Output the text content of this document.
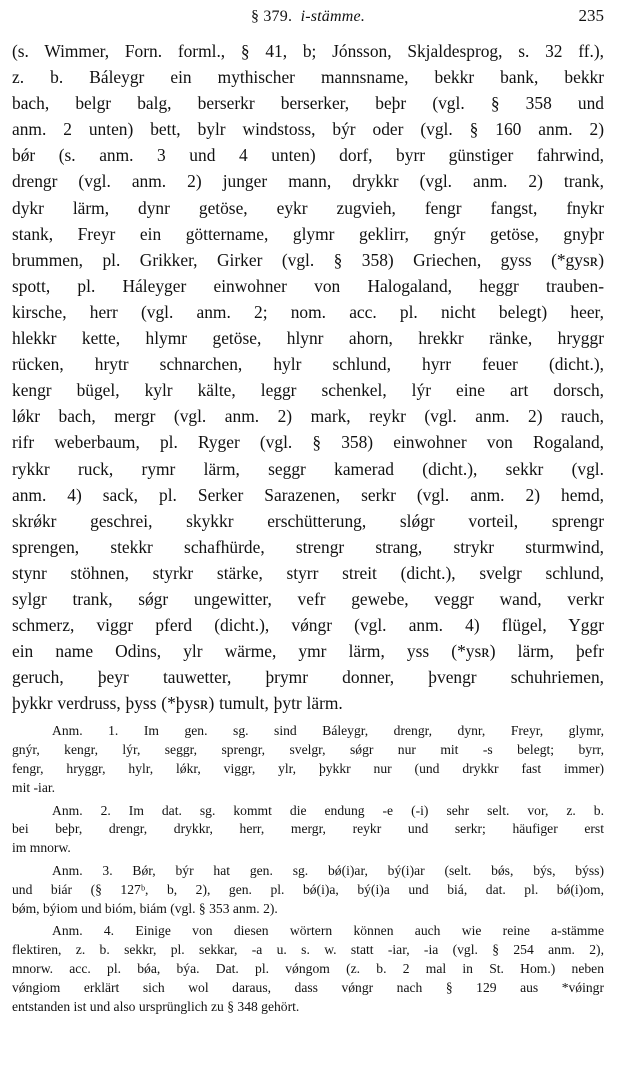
§ 379. i-stämme.	235
(s. Wimmer, Forn. forml., § 41, b; Jónsson, Skjaldesprog, s. 32 ff.),
z. b. Báleygr ein mythischer mannsname, bekkr bank, bekkr
bach, belgr balg, berserkr berserker, beþr (vgl. § 358 und
anm. 2 unten) bett, bylr windstoss, býr oder (vgl. § 160 anm. 2)
bǿr (s. anm. 3 und 4 unten) dorf, byrr günstiger fahrwind,
drengr (vgl. anm. 2) junger mann, drykkr (vgl. anm. 2) trank,
dykr lärm, dynr getöse, eykr zugvieh, fengr fangst, fnykr
stank, Freyr ein göttername, glymr geklirr, gnýr getöse, gnyþr
brummen, pl. Grikker, Girker (vgl. § 358) Griechen, gyss (*gysʀ)
spott, pl. Háleyger einwohner von Halogaland, heggr trauben-
kirsche, herr (vgl. anm. 2; nom. acc. pl. nicht belegt) heer,
hlekkr kette, hlymr getöse, hlynr ahorn, hrekkr ränke, hryggr
rücken, hrytr schnarchen, hylr schlund, hyrr feuer (dicht.),
kengr bügel, kylr kälte, leggr schenkel, lýr eine art dorsch,
lǿkr bach, mergr (vgl. anm. 2) mark, reykr (vgl. anm. 2) rauch,
rifr weberbaum, pl. Ryger (vgl. § 358) einwohner von Rogaland,
rykkr ruck, rymr lärm, seggr kamerad (dicht.), sekkr (vgl.
anm. 4) sack, pl. Serker Sarazenen, serkr (vgl. anm. 2) hemd,
skrǿkr geschrei, skykkr erschütterung, slǿgr vorteil, sprengr
sprengen, stekkr schafhürde, strengr strang, strykr sturmwind,
stynr stöhnen, styrkr stärke, styrr streit (dicht.), svelgr schlund,
sylgr trank, sǿgr ungewitter, vefr gewebe, veggr wand, verkr
schmerz, viggr pferd (dicht.), vǿngr (vgl. anm. 4) flügel, Yggr
ein name Odins, ylr wärme, ymr lärm, yss (*ysʀ) lärm, þefr
geruch, þeyr tauwetter, þrymr donner, þvengr schuhriemen,
þykkr verdruss, þyss (*þysʀ) tumult, þytr lärm.
Anm. 1. Im gen. sg. sind Báleygr, drengr, dynr, Freyr, glymr,
gnýr, kengr, lýr, seggr, sprengr, svelgr, sǿgr nur mit -s belegt; byrr,
fengr, hryggr, hylr, lǿkr, viggr, ylr, þykkr nur (und drykkr fast immer)
mit -iar.
Anm. 2. Im dat. sg. kommt die endung -e (-i) sehr selt. vor, z. b.
bei beþr, drengr, drykkr, herr, mergr, reykr und serkr; häufiger erst
im mnorw.
Anm. 3. Bǿr, býr hat gen. sg. bǿ(i)ar, bý(i)ar (selt. bǿs, býs, býss)
und biár (§ 127ᵇ, b, 2), gen. pl. bǿ(i)a, bý(i)a und biá, dat. pl. bǿ(i)om,
bǿm, býiom und bióm, biám (vgl. § 353 anm. 2).
Anm. 4. Einige von diesen wörtern können auch wie reine a-stämme
flektiren, z. b. sekkr, pl. sekkar, -a u. s. w. statt -iar, -ia (vgl. § 254 anm. 2),
mnorw. acc. pl. bǿa, býa. Dat. pl. vǿngom (z. b. 2 mal in St. Hom.) neben
vǿngiom erklärt sich wol daraus, dass vǿngr nach § 129 aus *vǿingr
entstanden ist und also ursprünglich zu § 348 gehört.
